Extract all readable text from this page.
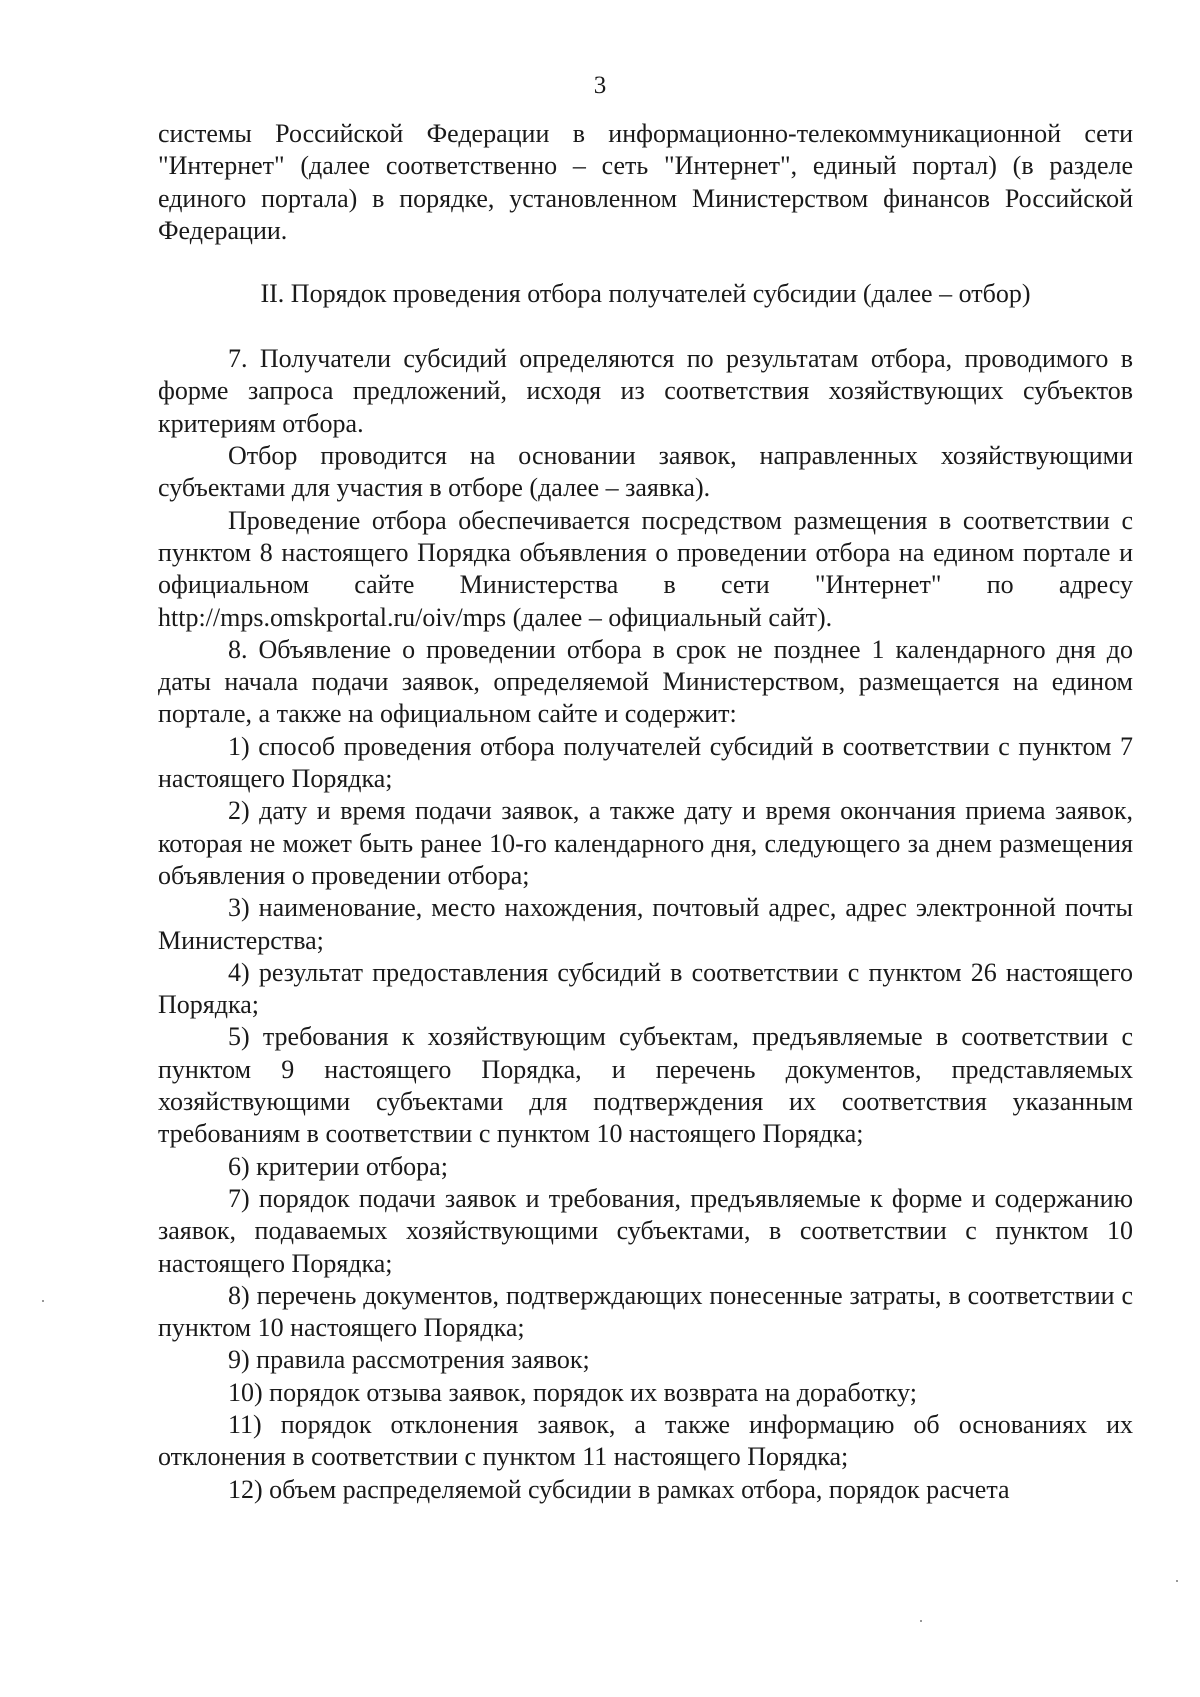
3

системы Российской Федерации в информационно-телекоммуникационной сети "Интернет" (далее соответственно – сеть "Интернет", единый портал) (в разделе единого портала) в порядке, установленном Министерством финансов Российской Федерации.

II. Порядок проведения отбора получателей субсидии (далее – отбор)

7. Получатели субсидий определяются по результатам отбора, проводимого в форме запроса предложений, исходя из соответствия хозяйствующих субъектов критериям отбора.

Отбор проводится на основании заявок, направленных хозяйствующими субъектами для участия в отборе (далее – заявка).

Проведение отбора обеспечивается посредством размещения в соответствии с пунктом 8 настоящего Порядка объявления о проведении отбора на едином портале и официальном сайте Министерства в сети "Интернет" по адресу http://mps.omskportal.ru/oiv/mps (далее – официальный сайт).

8. Объявление о проведении отбора в срок не позднее 1 календарного дня до даты начала подачи заявок, определяемой Министерством, размещается на едином портале, а также на официальном сайте и содержит:

1) способ проведения отбора получателей субсидий в соответствии с пунктом 7 настоящего Порядка;

2) дату и время подачи заявок, а также дату и время окончания приема заявок, которая не может быть ранее 10-го календарного дня, следующего за днем размещения объявления о проведении отбора;

3) наименование, место нахождения, почтовый адрес, адрес электронной почты Министерства;

4) результат предоставления субсидий в соответствии с пунктом 26 настоящего Порядка;

5) требования к хозяйствующим субъектам, предъявляемые в соответствии с пунктом 9 настоящего Порядка, и перечень документов, представляемых хозяйствующими субъектами для подтверждения их соответствия указанным требованиям в соответствии с пунктом 10 настоящего Порядка;

6) критерии отбора;

7) порядок подачи заявок и требования, предъявляемые к форме и содержанию заявок, подаваемых хозяйствующими субъектами, в соответствии с пунктом 10 настоящего Порядка;

8) перечень документов, подтверждающих понесенные затраты, в соответствии с пунктом 10 настоящего Порядка;

9) правила рассмотрения заявок;

10) порядок отзыва заявок, порядок их возврата на доработку;

11) порядок отклонения заявок, а также информацию об основаниях их отклонения в соответствии с пунктом 11 настоящего Порядка;

12) объем распределяемой субсидии в рамках отбора, порядок расчета
